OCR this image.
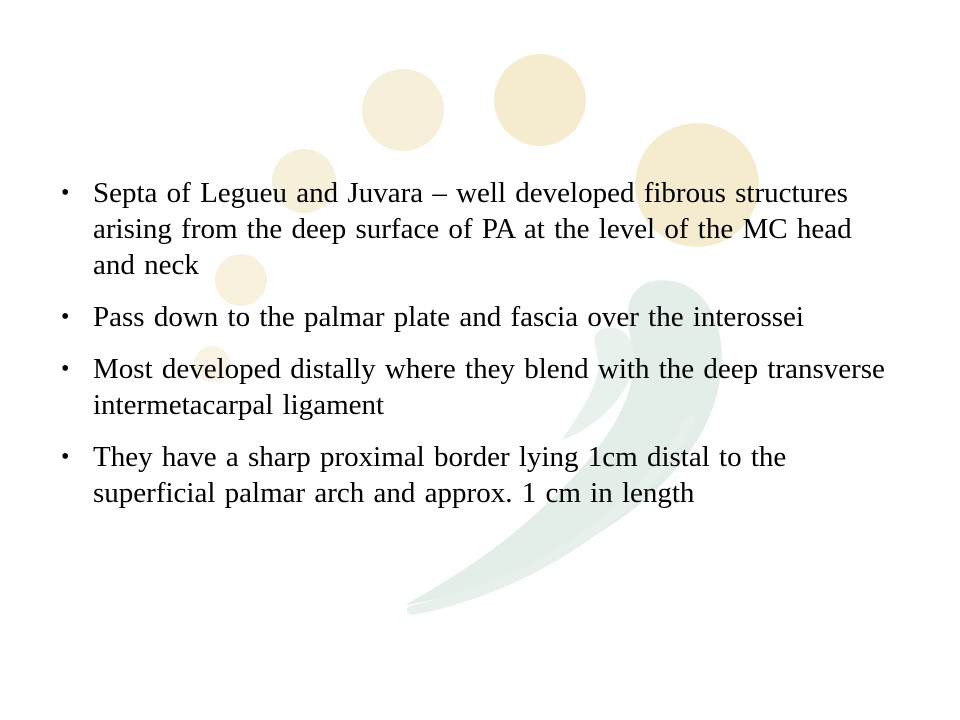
• Septa of Legueu and Juvara – well developed fibrous structures arising from the deep surface of PA at the level of the MC head and neck
• Pass down to the palmar plate and fascia over the interossei
• Most developed distally where they blend with the deep transverse intermetacarpal ligament
• They have a sharp proximal border lying 1cm distal to the superficial palmar arch and approx. 1 cm in length
